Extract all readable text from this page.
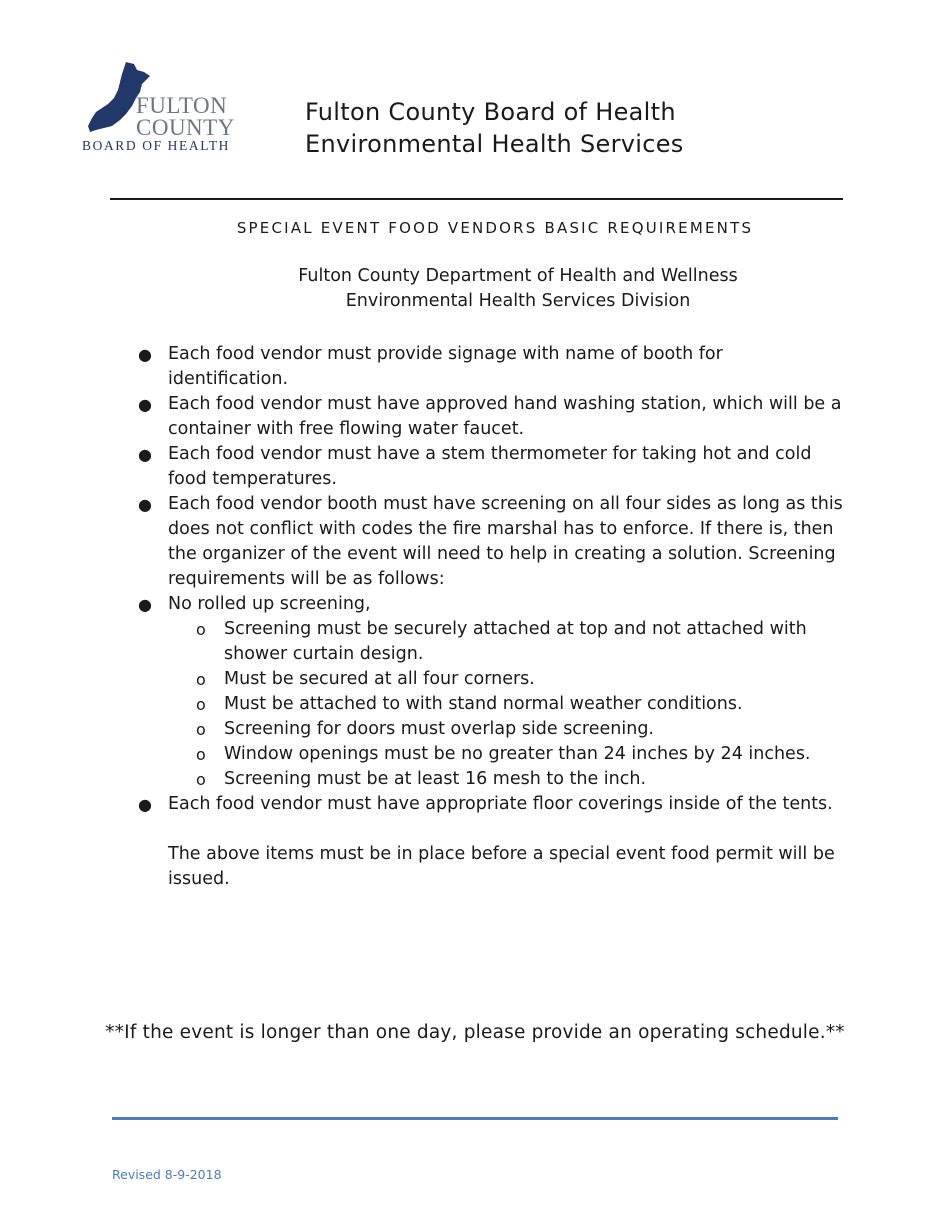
FULTON
COUNTY
BOARD OF HEALTH
Fulton County Board of Health
Environmental Health Services
SPECIAL EVENT FOOD VENDORS BASIC REQUIREMENTS
Fulton County Department of Health and Wellness
Environmental Health Services Division
● Each food vendor must provide signage with name of booth for identification.
● Each food vendor must have approved hand washing station, which will be a container with free flowing water faucet.
● Each food vendor must have a stem thermometer for taking hot and cold food temperatures.
● Each food vendor booth must have screening on all four sides as long as this does not conflict with codes the fire marshal has to enforce. If there is, then the organizer of the event will need to help in creating a solution. Screening requirements will be as follows:
● No rolled up screening,
o Screening must be securely attached at top and not attached with shower curtain design.
o Must be secured at all four corners.
o Must be attached to with stand normal weather conditions.
o Screening for doors must overlap side screening.
o Window openings must be no greater than 24 inches by 24 inches.
o Screening must be at least 16 mesh to the inch.
● Each food vendor must have appropriate floor coverings inside of the tents.
The above items must be in place before a special event food permit will be issued.
**If the event is longer than one day, please provide an operating schedule.**
Revised 8-9-2018
